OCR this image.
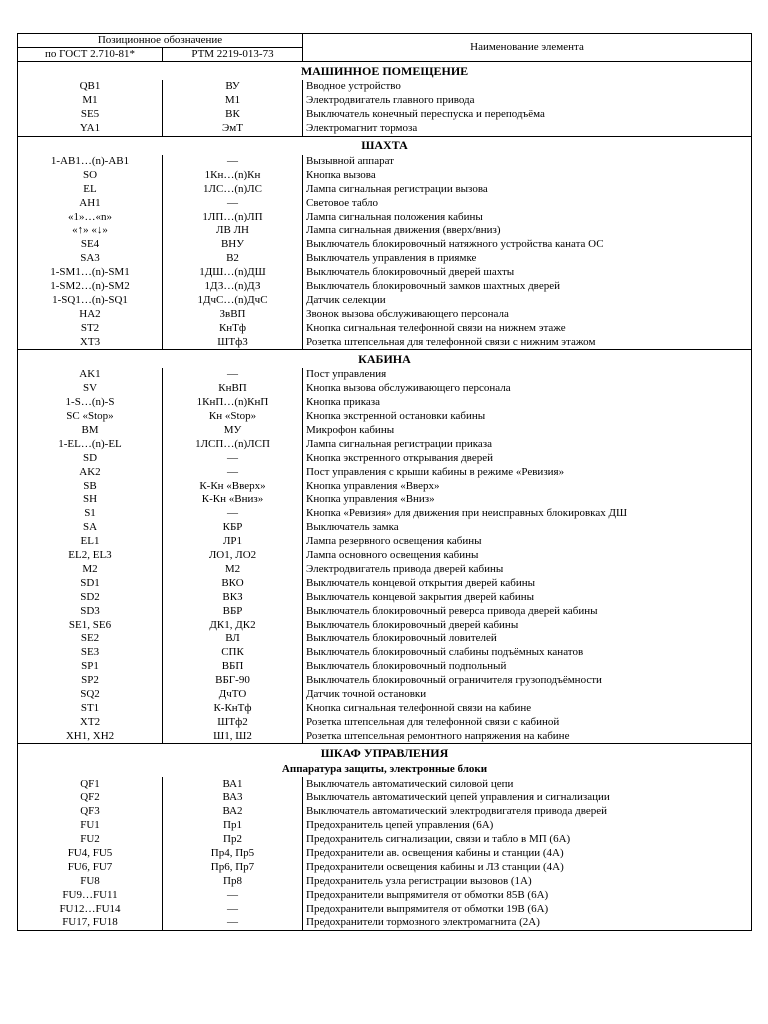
Позиционное обозначение		Наименование элемента
по ГОСТ 2.710-81*	РТМ 2219-013-73	
МАШИННОЕ ПОМЕЩЕНИЕ		
QB1	ВУ	Вводное устройство
M1	M1	Электродвигатель главного привода
SE5	ВК	Выключатель конечный переспуска и переподъёма
YA1	ЭмТ	Электромагнит тормоза
ШАХТА		
1-AB1…(n)-AB1	—	Вызывной аппарат
SO	1Кн…(n)Кн	Кнопка вызова
EL	1ЛС…(n)ЛС	Лампа сигнальная регистрации вызова
AH1	—	Световое табло
«1»…«n»	1ЛП…(n)ЛП	Лампа сигнальная положения кабины
«↑» «↓»	ЛВ ЛН	Лампа сигнальная движения (вверх/вниз)
SE4	ВНУ	Выключатель блокировочный натяжного устройства каната ОС
SA3	В2	Выключатель управления в приямке
1-SM1…(n)-SM1	1ДШ…(n)ДШ	Выключатель блокировочный дверей шахты
1-SM2…(n)-SM2	1ДЗ…(n)ДЗ	Выключатель блокировочный замков шахтных дверей
1-SQ1…(n)-SQ1	1ДчС…(n)ДчС	Датчик селекции
HA2	ЗвВП	Звонок вызова обслуживающего персонала
ST2	КнТф	Кнопка сигнальная телефонной связи на нижнем этаже
XT3	ШТф3	Розетка штепсельная для телефонной связи с нижним этажом
КАБИНА		
AK1	—	Пост управления
SV	КнВП	Кнопка вызова обслуживающего персонала
1-S…(n)-S	1КнП…(n)КнП	Кнопка приказа
SC «Stop»	Кн «Stop»	Кнопка экстренной остановки кабины
BM	МУ	Микрофон кабины
1-EL…(n)-EL	1ЛСП…(n)ЛСП	Лампа сигнальная регистрации приказа
SD	—	Кнопка экстренного открывания дверей
AK2	—	Пост управления с крыши кабины в режиме «Ревизия»
SB	К-Кн «Вверх»	Кнопка управления «Вверх»
SH	К-Кн «Вниз»	Кнопка управления «Вниз»
S1	—	Кнопка «Ревизия» для движения при неисправных блокировках ДШ
SA	КБР	Выключатель замка
EL1	ЛР1	Лампа резервного освещения кабины
EL2, EL3	ЛО1, ЛО2	Лампа основного освещения кабины
M2	M2	Электродвигатель привода дверей кабины
SD1	ВКО	Выключатель концевой открытия дверей кабины
SD2	ВКЗ	Выключатель концевой закрытия дверей кабины
SD3	ВБР	Выключатель блокировочный реверса привода дверей кабины
SE1, SE6	ДК1, ДК2	Выключатель блокировочный дверей кабины
SE2	ВЛ	Выключатель блокировочный ловителей
SE3	СПК	Выключатель блокировочный слабины подъёмных канатов
SP1	ВБП	Выключатель блокировочный подпольный
SP2	ВБГ-90	Выключатель блокировочный ограничителя грузоподъёмности
SQ2	ДчТО	Датчик точной остановки
ST1	К-КнТф	Кнопка сигнальная телефонной связи на кабине
XT2	ШТф2	Розетка штепсельная для телефонной связи с кабиной
XH1, XH2	Ш1, Ш2	Розетка штепсельная ремонтного напряжения на кабине
ШКАФ УПРАВЛЕНИЯ		
Аппаратура защиты, электронные блоки		
QF1	ВА1	Выключатель автоматический силовой цепи
QF2	ВА3	Выключатель автоматический цепей управления и сигнализации
QF3	ВА2	Выключатель автоматический электродвигателя привода дверей
FU1	Пр1	Предохранитель цепей управления (6А)
FU2	Пр2	Предохранитель сигнализации, связи и табло в МП (6А)
FU4, FU5	Пр4, Пр5	Предохранители ав. освещения кабины и станции (4А)
FU6, FU7	Пр6, Пр7	Предохранители освещения кабины и ЛЗ станции (4А)
FU8	Пр8	Предохранитель узла регистрации вызовов (1А)
FU9…FU11	—	Предохранители выпрямителя от обмотки 85В (6А)
FU12…FU14	—	Предохранители выпрямителя от обмотки 19В (6А)
FU17, FU18	—	Предохранители тормозного электромагнита (2А)
